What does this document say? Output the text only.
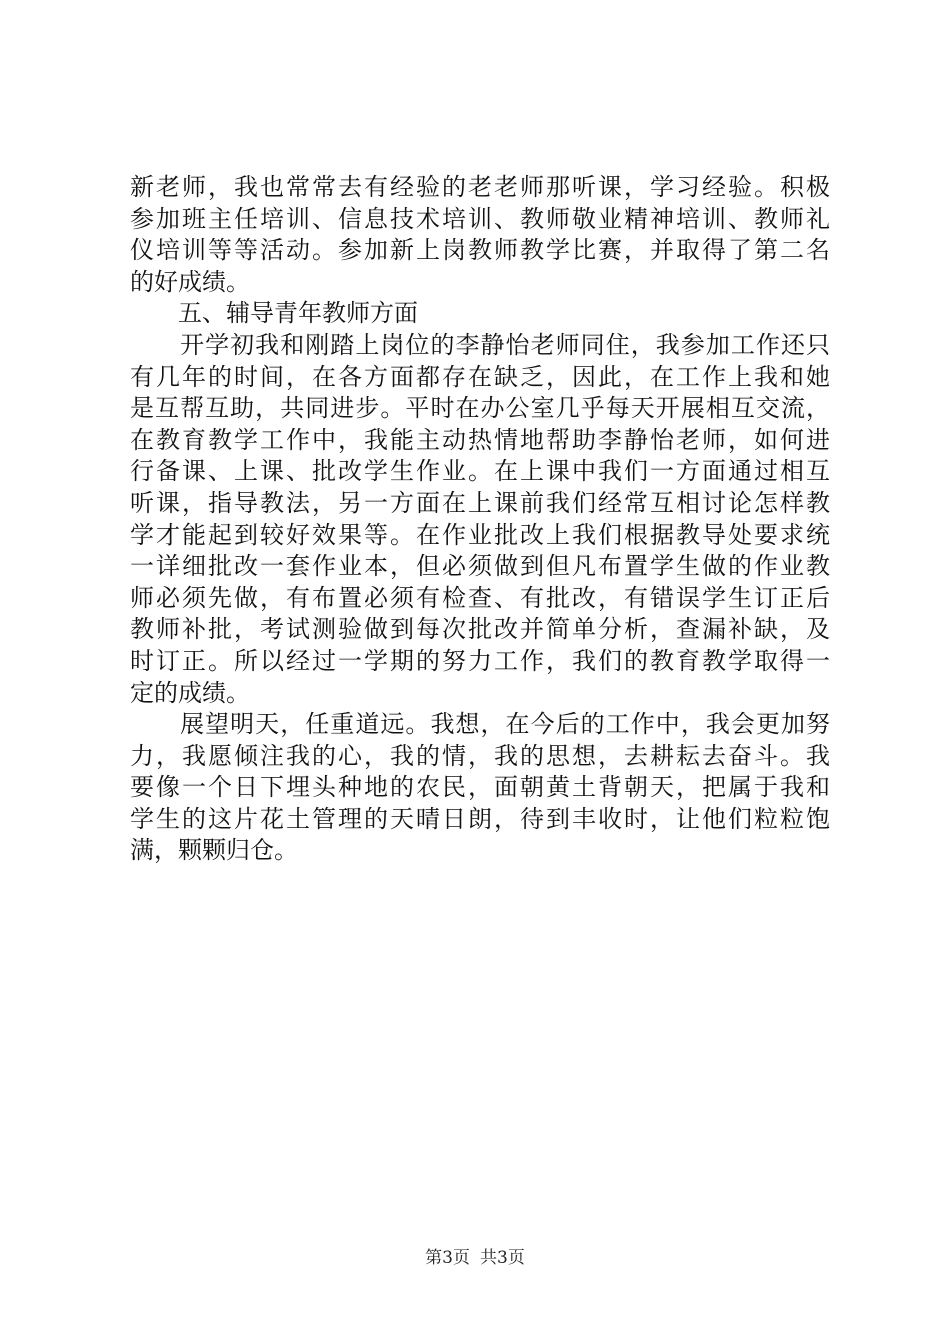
新老师，我也常常去有经验的老老师那听课，学习经验。积极
参加班主任培训、信息技术培训、教师敬业精神培训、教师礼
仪培训等等活动。参加新上岗教师教学比赛，并取得了第二名
的好成绩。
五、辅导青年教师方面
　　开学初我和刚踏上岗位的李静怡老师同住，我参加工作还只
有几年的时间，在各方面都存在缺乏，因此，在工作上我和她
是互帮互助，共同进步。平时在办公室几乎每天开展相互交流，
在教育教学工作中，我能主动热情地帮助李静怡老师，如何进
行备课、上课、批改学生作业。在上课中我们一方面通过相互
听课，指导教法，另一方面在上课前我们经常互相讨论怎样教
学才能起到较好效果等。在作业批改上我们根据教导处要求统
一详细批改一套作业本，但必须做到但凡布置学生做的作业教
师必须先做，有布置必须有检查、有批改，有错误学生订正后
教师补批，考试测验做到每次批改并简单分析，查漏补缺，及
时订正。所以经过一学期的努力工作，我们的教育教学取得一
定的成绩。
　　展望明天，任重道远。我想，在今后的工作中，我会更加努
力，我愿倾注我的心，我的情，我的思想，去耕耘去奋斗。我
要像一个日下埋头种地的农民，面朝黄土背朝天，把属于我和
学生的这片花土管理的天晴日朗，待到丰收时，让他们粒粒饱
满，颗颗归仓。
第3页 共3页
